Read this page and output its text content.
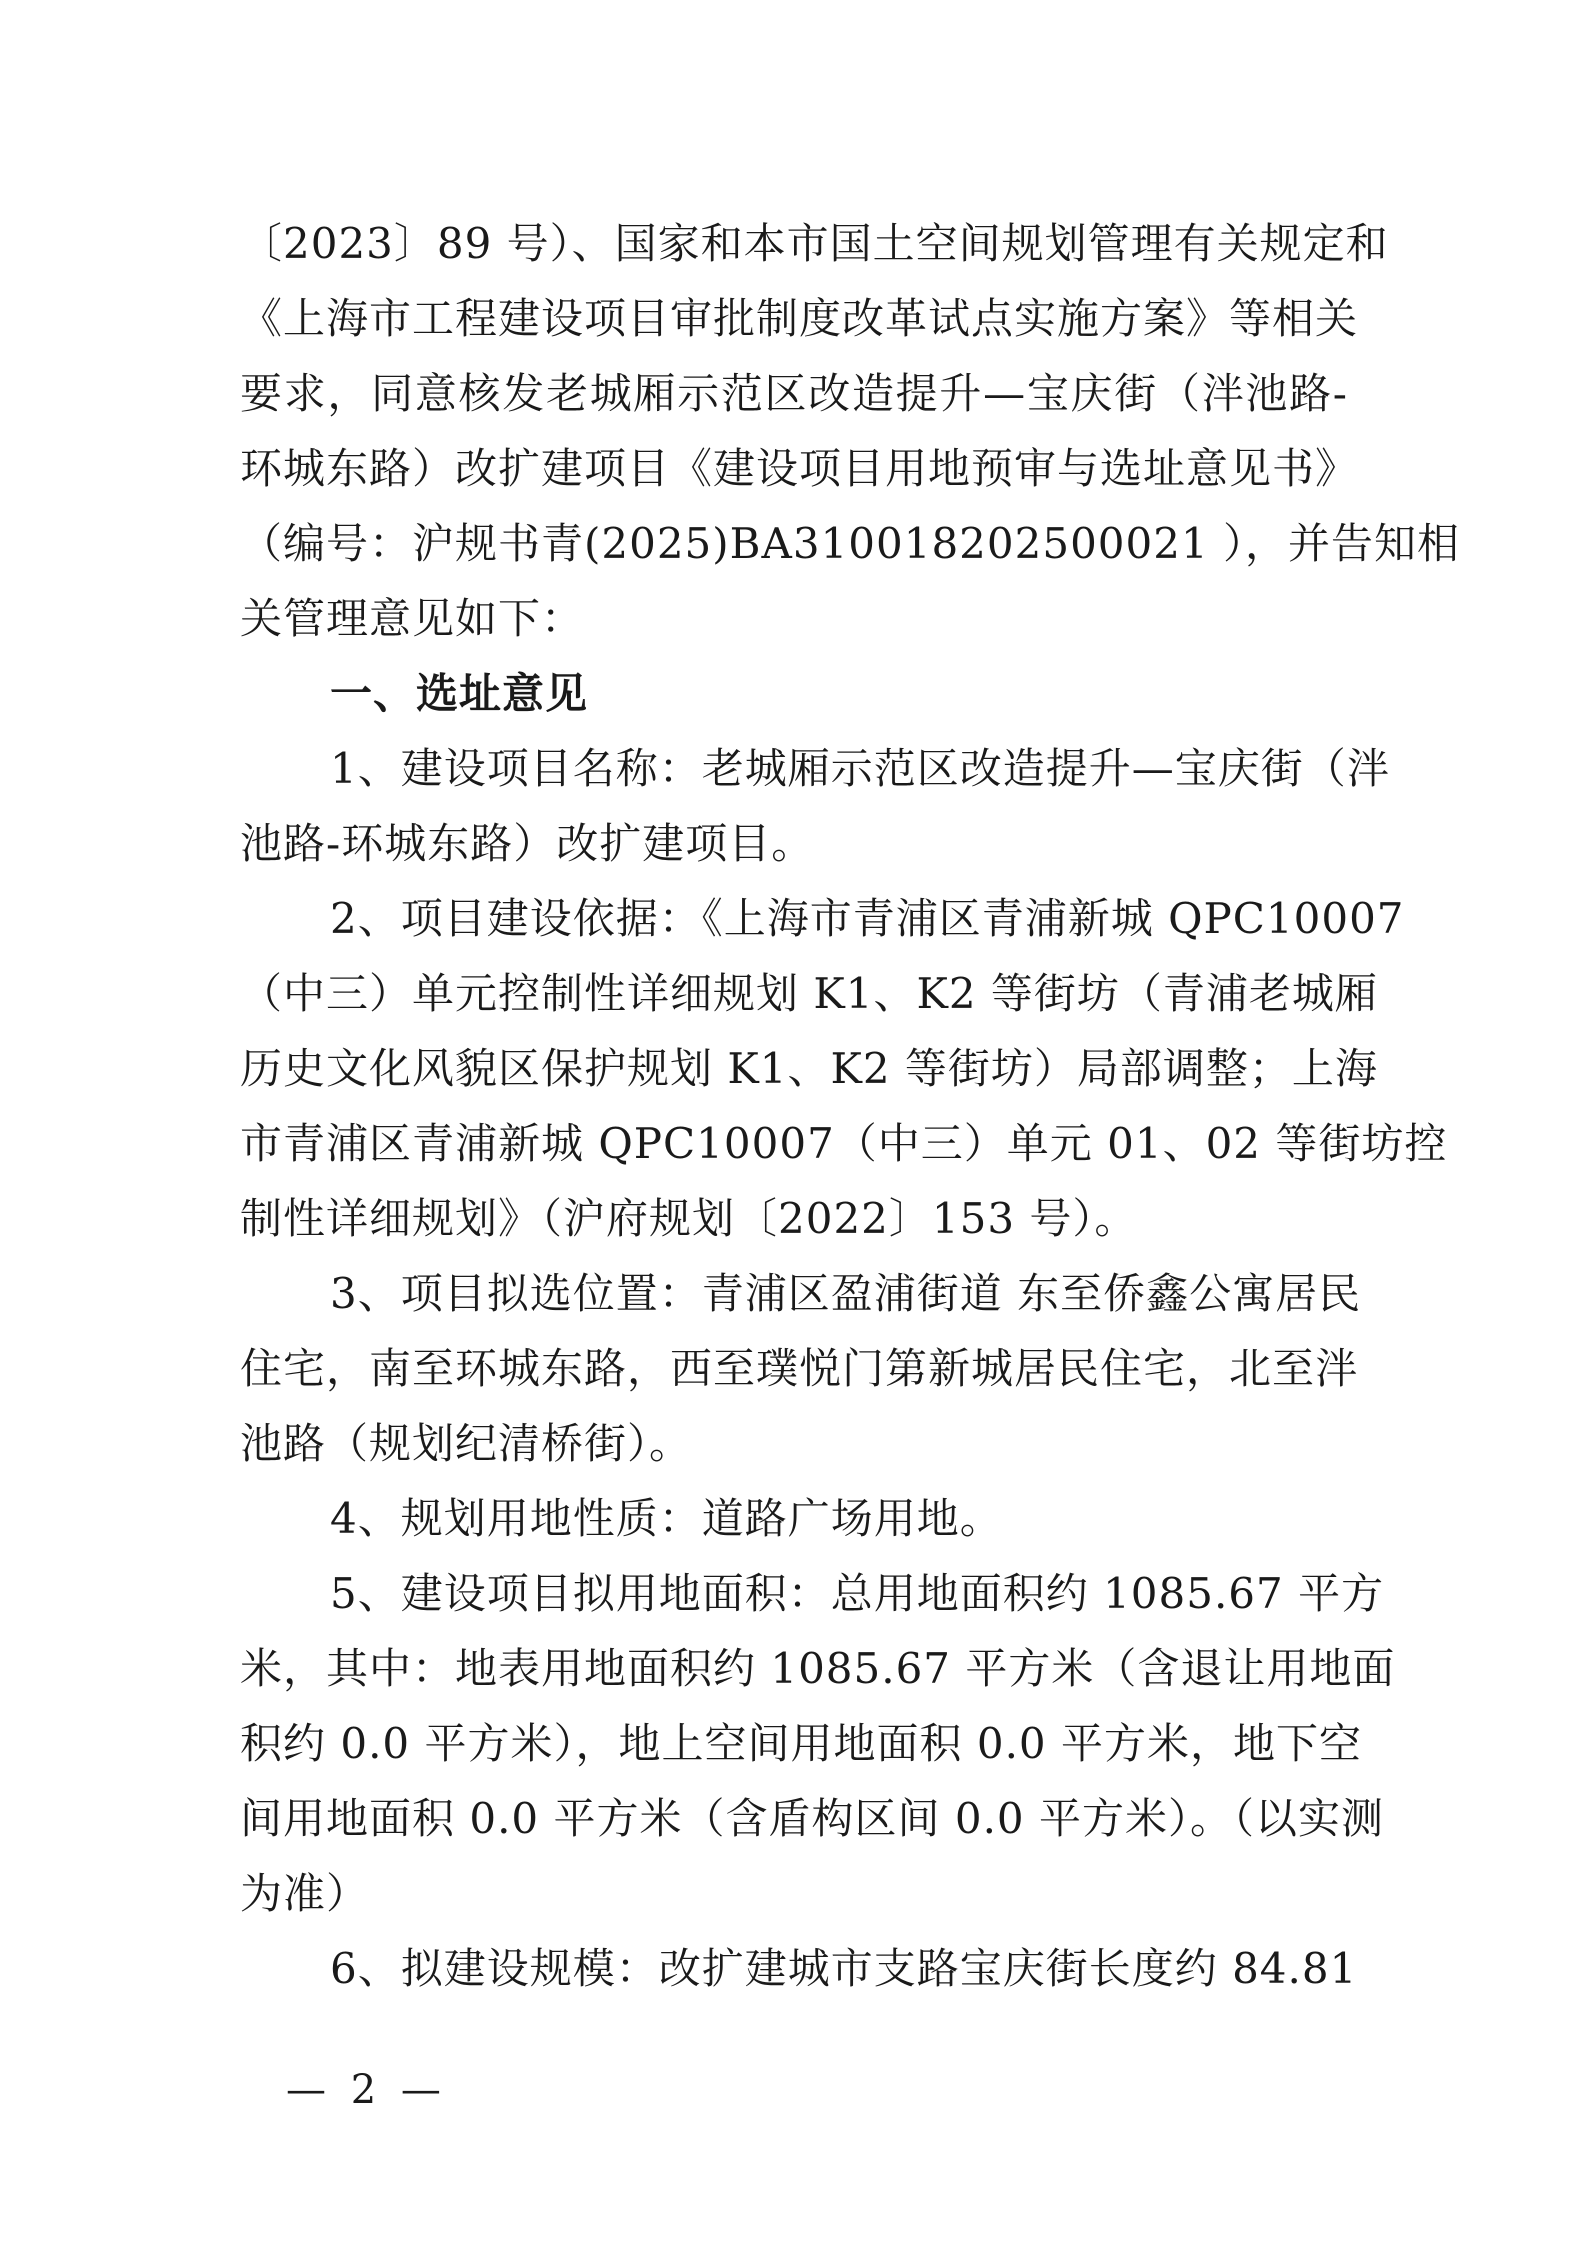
〔2023〕89 号）、国家和本市国土空间规划管理有关规定和
《上海市工程建设项目审批制度改革试点实施方案》等相关
要求，同意核发老城厢示范区改造提升—宝庆街（泮池路-
环城东路）改扩建项目《建设项目用地预审与选址意见书》
（编号：沪规书青(2025)BA310018202500021 ），并告知相
关管理意见如下：
一、选址意见
1、建设项目名称：老城厢示范区改造提升—宝庆街（泮
池路-环城东路）改扩建项目。
2、项目建设依据：《上海市青浦区青浦新城 QPC10007
（中三）单元控制性详细规划 K1、K2 等街坊（青浦老城厢
历史文化风貌区保护规划 K1、K2 等街坊）局部调整；上海
市青浦区青浦新城 QPC10007（中三）单元 01、02 等街坊控
制性详细规划》（沪府规划〔2022〕153 号）。
3、项目拟选位置：青浦区盈浦街道 东至侨鑫公寓居民
住宅，南至环城东路，西至璞悦门第新城居民住宅，北至泮
池路（规划纪清桥街）。
4、规划用地性质：道路广场用地。
5、建设项目拟用地面积：总用地面积约 1085.67 平方
米，其中：地表用地面积约 1085.67 平方米（含退让用地面
积约 0.0 平方米），地上空间用地面积 0.0 平方米，地下空
间用地面积 0.0 平方米（含盾构区间 0.0 平方米）。（以实测
为准）
6、拟建设规模：改扩建城市支路宝庆街长度约 84.81
— 2 —
